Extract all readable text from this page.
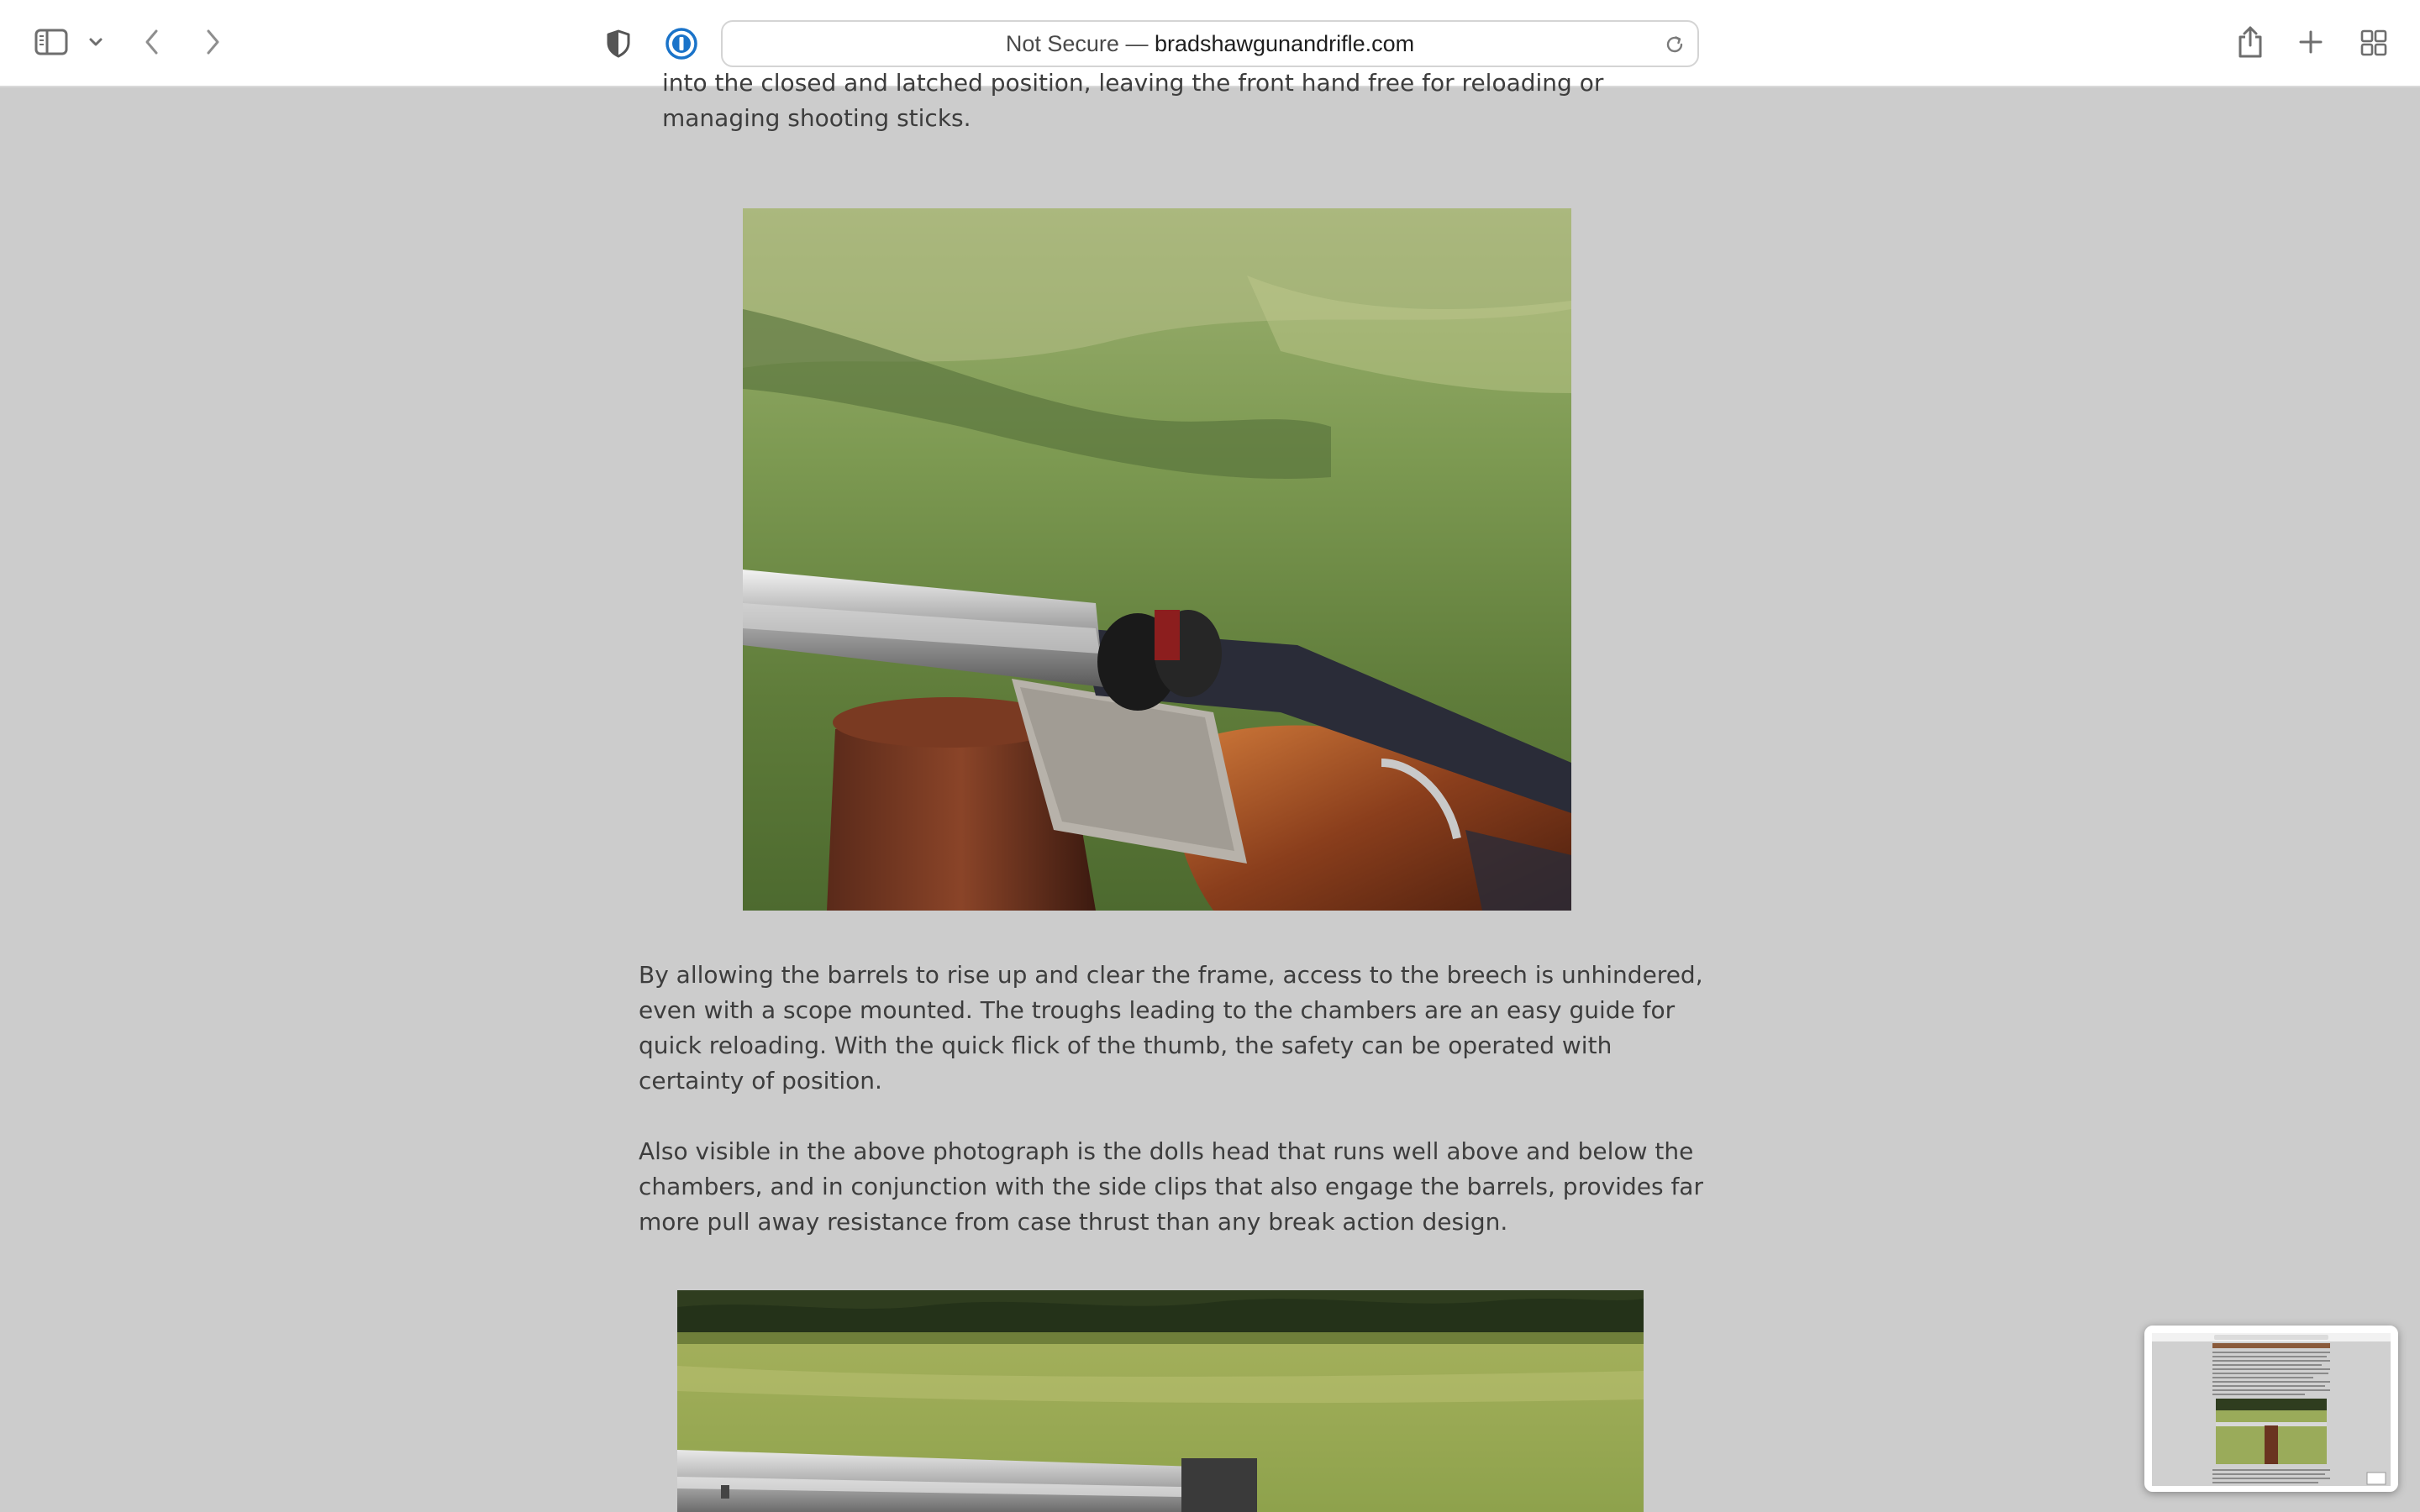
Not Secure — bradshawgunandrifle.com

into the closed and latched position, leaving the front hand free for reloading or
managing shooting sticks.

By allowing the barrels to rise up and clear the frame, access to the breech is unhindered,
even with a scope mounted. The troughs leading to the chambers are an easy guide for
quick reloading. With the quick flick of the thumb, the safety can be operated with
certainty of position.

Also visible in the above photograph is the dolls head that runs well above and below the
chambers, and in conjunction with the side clips that also engage the barrels, provides far
more pull away resistance from case thrust than any break action design.
